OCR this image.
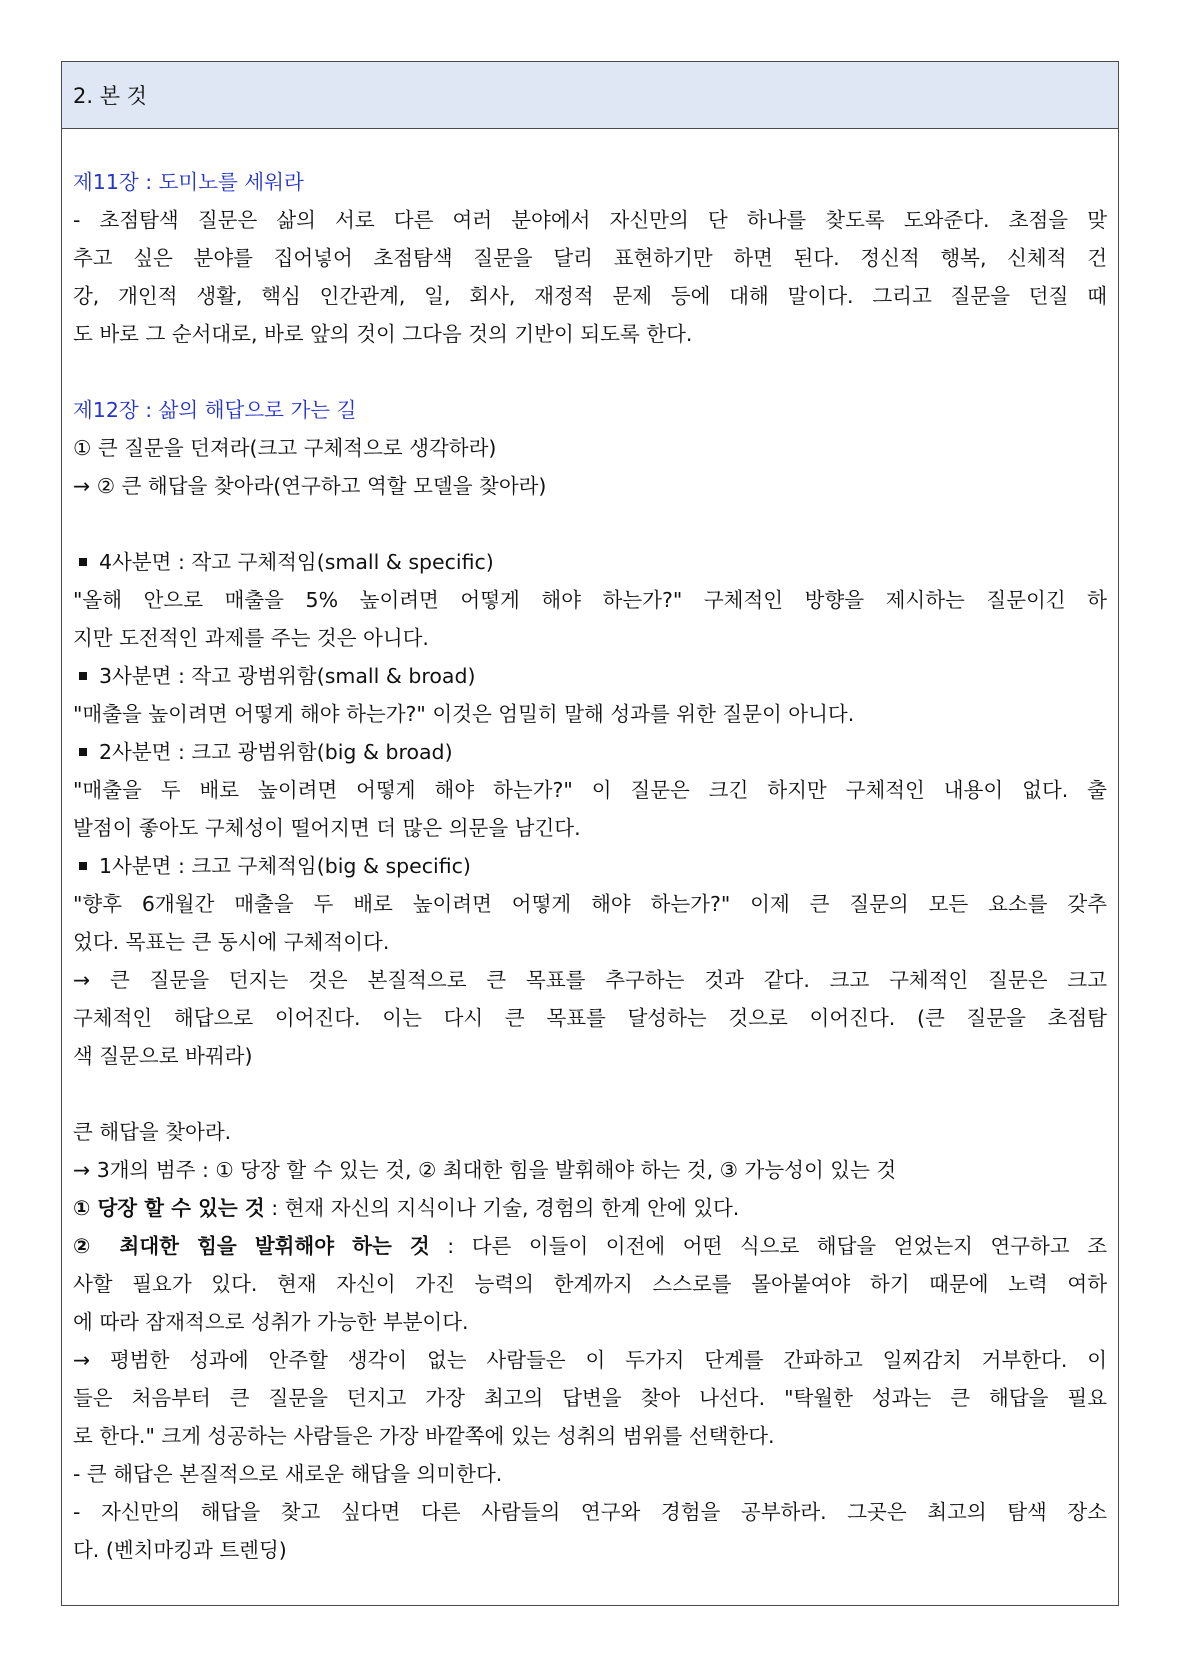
2. 본 것
제11장 : 도미노를 세워라
- 초점탐색 질문은 삶의 서로 다른 여러 분야에서 자신만의 단 하나를 찾도록 도와준다. 초점을 맞
추고 싶은 분야를 집어넣어 초점탐색 질문을 달리 표현하기만 하면 된다. 정신적 행복, 신체적 건
강, 개인적 생활, 핵심 인간관계, 일, 회사, 재정적 문제 등에 대해 말이다. 그리고 질문을 던질 때
도 바로 그 순서대로, 바로 앞의 것이 그다음 것의 기반이 되도록 한다.
제12장 : 삶의 해답으로 가는 길
① 큰 질문을 던져라(크고 구체적으로 생각하라)
→ ② 큰 해답을 찾아라(연구하고 역할 모델을 찾아라)
4사분면 : 작고 구체적임(small & specific)
"올해 안으로 매출을 5% 높이려면 어떻게 해야 하는가?" 구체적인 방향을 제시하는 질문이긴 하
지만 도전적인 과제를 주는 것은 아니다.
3사분면 : 작고 광범위함(small & broad)
"매출을 높이려면 어떻게 해야 하는가?" 이것은 엄밀히 말해 성과를 위한 질문이 아니다.
2사분면 : 크고 광범위함(big & broad)
"매출을 두 배로 높이려면 어떻게 해야 하는가?" 이 질문은 크긴 하지만 구체적인 내용이 없다. 출
발점이 좋아도 구체성이 떨어지면 더 많은 의문을 남긴다.
1사분면 : 크고 구체적임(big & specific)
"향후 6개월간 매출을 두 배로 높이려면 어떻게 해야 하는가?" 이제 큰 질문의 모든 요소를 갖추
었다. 목표는 큰 동시에 구체적이다.
→ 큰 질문을 던지는 것은 본질적으로 큰 목표를 추구하는 것과 같다. 크고 구체적인 질문은 크고
구체적인 해답으로 이어진다. 이는 다시 큰 목표를 달성하는 것으로 이어진다. (큰 질문을 초점탐
색 질문으로 바꿔라)
큰 해답을 찾아라.
→ 3개의 범주 : ① 당장 할 수 있는 것, ② 최대한 힘을 발휘해야 하는 것, ③ 가능성이 있는 것
① 당장 할 수 있는 것 : 현재 자신의 지식이나 기술, 경험의 한계 안에 있다.
② 최대한 힘을 발휘해야 하는 것 : 다른 이들이 이전에 어떤 식으로 해답을 얻었는지 연구하고 조
사할 필요가 있다. 현재 자신이 가진 능력의 한계까지 스스로를 몰아붙여야 하기 때문에 노력 여하
에 따라 잠재적으로 성취가 가능한 부분이다.
→ 평범한 성과에 안주할 생각이 없는 사람들은 이 두가지 단계를 간파하고 일찌감치 거부한다. 이
들은 처음부터 큰 질문을 던지고 가장 최고의 답변을 찾아 나선다. "탁월한 성과는 큰 해답을 필요
로 한다." 크게 성공하는 사람들은 가장 바깥쪽에 있는 성취의 범위를 선택한다.
- 큰 해답은 본질적으로 새로운 해답을 의미한다.
- 자신만의 해답을 찾고 싶다면 다른 사람들의 연구와 경험을 공부하라. 그곳은 최고의 탐색 장소
다. (벤치마킹과 트렌딩)
